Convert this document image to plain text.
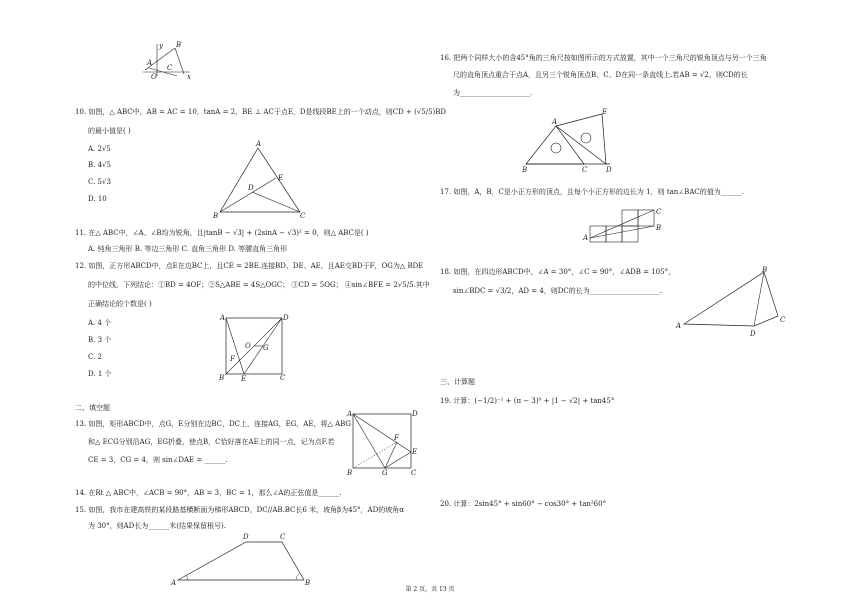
y B
A
C
O	x
10. 如图，△ ABC中，AB = AC = 10，tanA = 2，BE ⊥ AC于点E，D是线段BE上的一个动点，则CD + (√5/5)BD
的最小值是( )
A. 2√5
B. 4√5
C. 5√3
D. 10
A
E
D
B	C
11. 在△ ABC中，∠A、∠B均为锐角，且|tanB − √3| + (2sinA − √3)² = 0，则△ ABC是( )
A. 钝角三角形 B. 等边三角形 C. 直角三角形 D. 等腰直角三角形
12. 如图，正方形ABCD中，点E在边BC上，且CE = 2BE.连接BD、DE、AE，且AE交BD于F，OG为△ BDE
的中位线，下列结论：①BD = 4OF；②S△ABE = 4S△OGC； ③CD = 5OG； ④sin∠BFE = 2√5/5.其中
正确结论的个数是( )
A. 4 个
B. 3 个
C. 2
D. 1 个
A	D
F
O G
B E	C
二、填空题
13. 如图，矩形ABCD中，点G，E分别在边BC，DC上，连接AG，EG，AE，将△ ABG
和△ ECG分别沿AG，EG折叠，使点B，C恰好落在AE上的同一点，记为点F.若
CE = 3，CG = 4，则 sin∠DAE = ______.
A	D
F
E
B	G	C
14. 在Rt △ ABC中，∠ACB = 90°，AB = 3，BC = 1，那么∠A的正弦值是______.
15. 如图，我市在建高铁的某段路基横断面为梯形ABCD，DC//AB.BC长6 米，坡角β为45°，AD的坡角α
为 30°，则AD长为______米(结果保留根号).
D	C
A	B
16. 把两个同样大小的含45°角的三角尺按如图所示的方式放置，其中一个三角尺的锐角顶点与另一个三角
尺的直角顶点重合于点A，且另三个锐角顶点B、C、D在同一条直线上.若AB = √2，则CD的长
为____________________.
A
E
B	C	D
17. 如图，A，B，C是小正方形的顶点，且每个小正方形的边长为 1，则 tan∠BAC的值为______.
C
B
A
18. 如图，在四边形ABCD中，∠A = 30°，∠C = 90°，∠ADB = 105°，
sin∠BDC = √3/2，AD = 4，则DC的长为____________________.
B
A
D
C
三、计算题
19. 计算：(−1/2)⁻¹ + (π − 3)⁰ + |1 − √2| + tan45°
20. 计算：2sin45° + sin60° − cos30° + tan²60°
第 2 页，共 13 页
